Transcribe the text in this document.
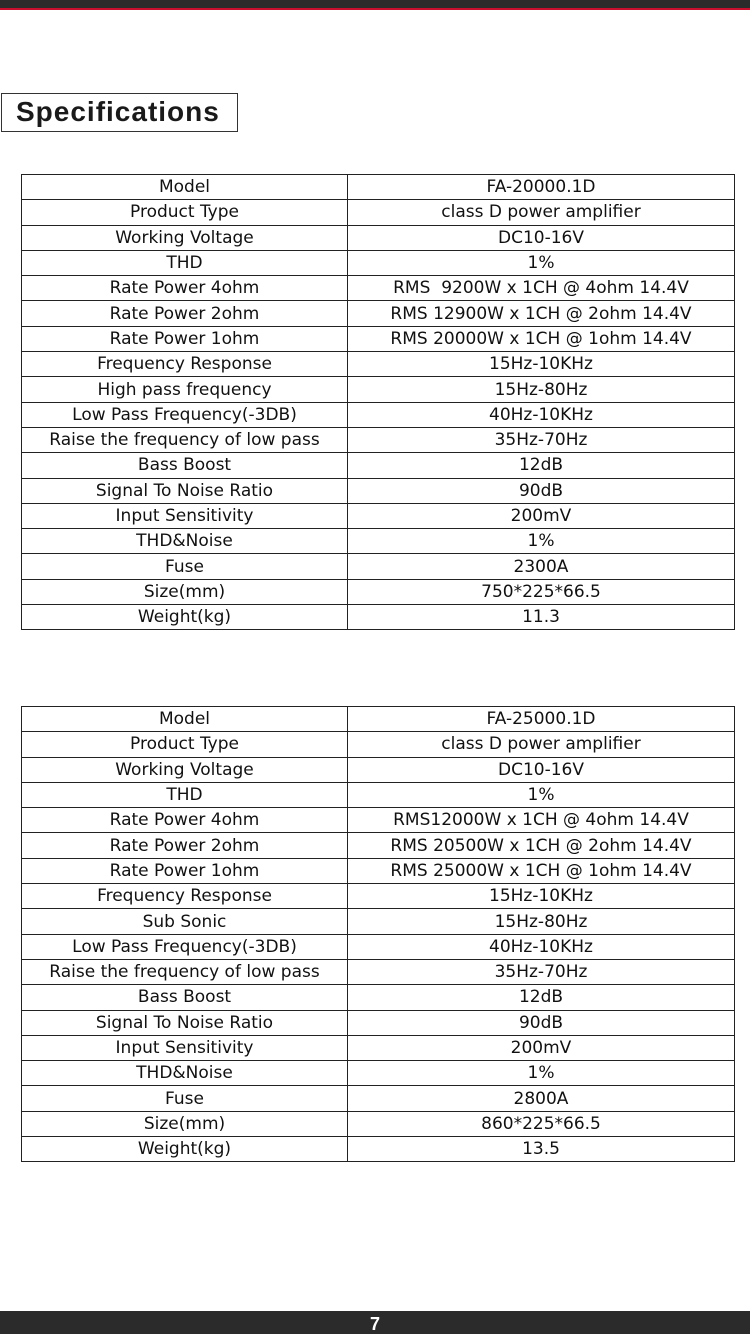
Specifications
Model	FA-20000.1D
Product Type	class D power amplifier
Working Voltage	DC10-16V
THD	1%
Rate Power 4ohm	RMS  9200W x 1CH @ 4ohm 14.4V
Rate Power 2ohm	RMS 12900W x 1CH @ 2ohm 14.4V
Rate Power 1ohm	RMS 20000W x 1CH @ 1ohm 14.4V
Frequency Response	15Hz-10KHz
High pass frequency	15Hz-80Hz
Low Pass Frequency(-3DB)	40Hz-10KHz
Raise the frequency of low pass	35Hz-70Hz
Bass Boost	12dB
Signal To Noise Ratio	90dB
Input Sensitivity	200mV
THD&Noise	1%
Fuse	2300A
Size(mm)	750*225*66.5
Weight(kg)	11.3
Model	FA-25000.1D
Product Type	class D power amplifier
Working Voltage	DC10-16V
THD	1%
Rate Power 4ohm	RMS12000W x 1CH @ 4ohm 14.4V
Rate Power 2ohm	RMS 20500W x 1CH @ 2ohm 14.4V
Rate Power 1ohm	RMS 25000W x 1CH @ 1ohm 14.4V
Frequency Response	15Hz-10KHz
Sub Sonic	15Hz-80Hz
Low Pass Frequency(-3DB)	40Hz-10KHz
Raise the frequency of low pass	35Hz-70Hz
Bass Boost	12dB
Signal To Noise Ratio	90dB
Input Sensitivity	200mV
THD&Noise	1%
Fuse	2800A
Size(mm)	860*225*66.5
Weight(kg)	13.5
7
